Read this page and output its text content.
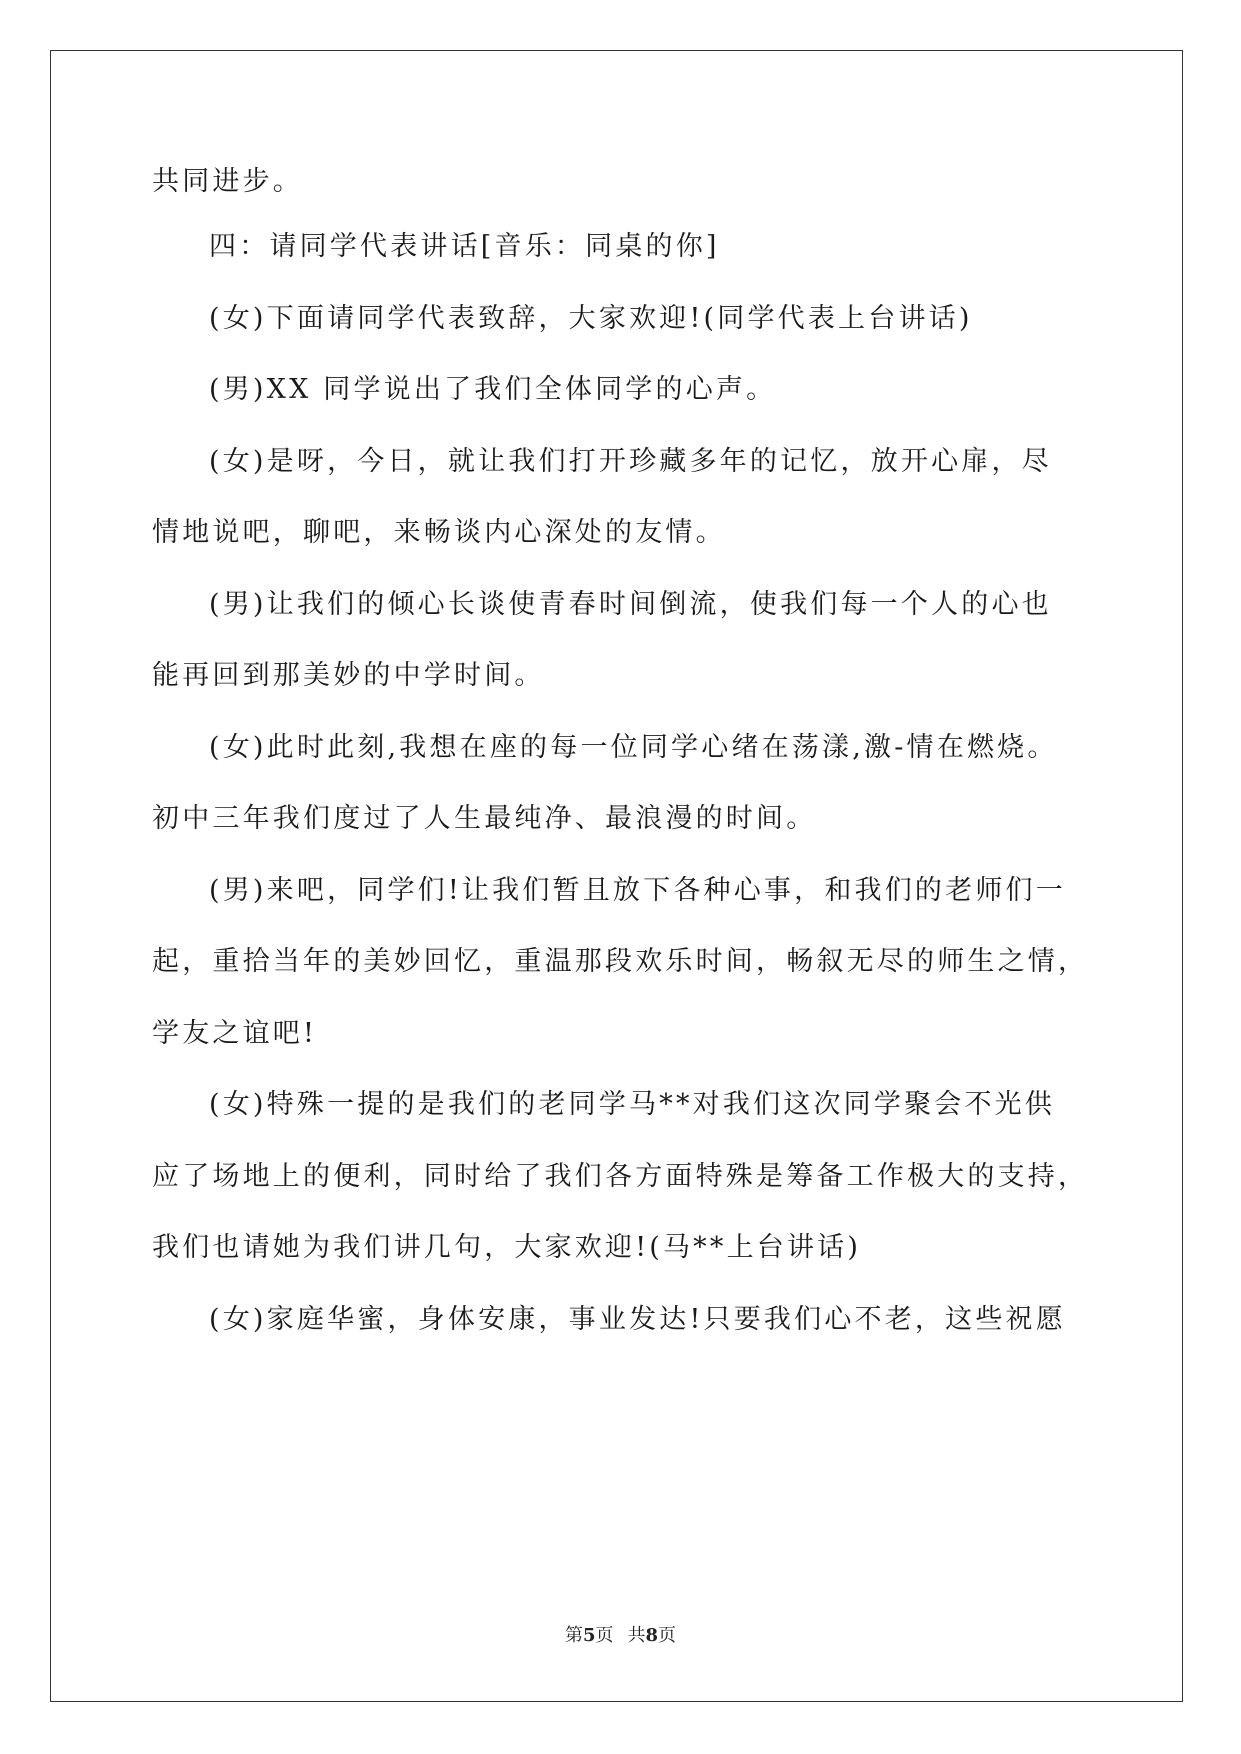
共同进步。
四：请同学代表讲话[音乐：同桌的你]
(女)下面请同学代表致辞，大家欢迎!(同学代表上台讲话)
(男)XX 同学说出了我们全体同学的心声。
(女)是呀，今日，就让我们打开珍藏多年的记忆，放开心扉，尽
情地说吧，聊吧，来畅谈内心深处的友情。
(男)让我们的倾心长谈使青春时间倒流，使我们每一个人的心也
能再回到那美妙的中学时间。
(女)此时此刻,我想在座的每一位同学心绪在荡漾,激-情在燃烧。
初中三年我们度过了人生最纯净、最浪漫的时间。
(男)来吧，同学们!让我们暂且放下各种心事，和我们的老师们一
起，重拾当年的美妙回忆，重温那段欢乐时间，畅叙无尽的师生之情，
学友之谊吧!
(女)特殊一提的是我们的老同学马**对我们这次同学聚会不光供
应了场地上的便利，同时给了我们各方面特殊是筹备工作极大的支持，
我们也请她为我们讲几句，大家欢迎!(马**上台讲话)
(女)家庭华蜜，身体安康，事业发达!只要我们心不老，这些祝愿
第5页 共8页
